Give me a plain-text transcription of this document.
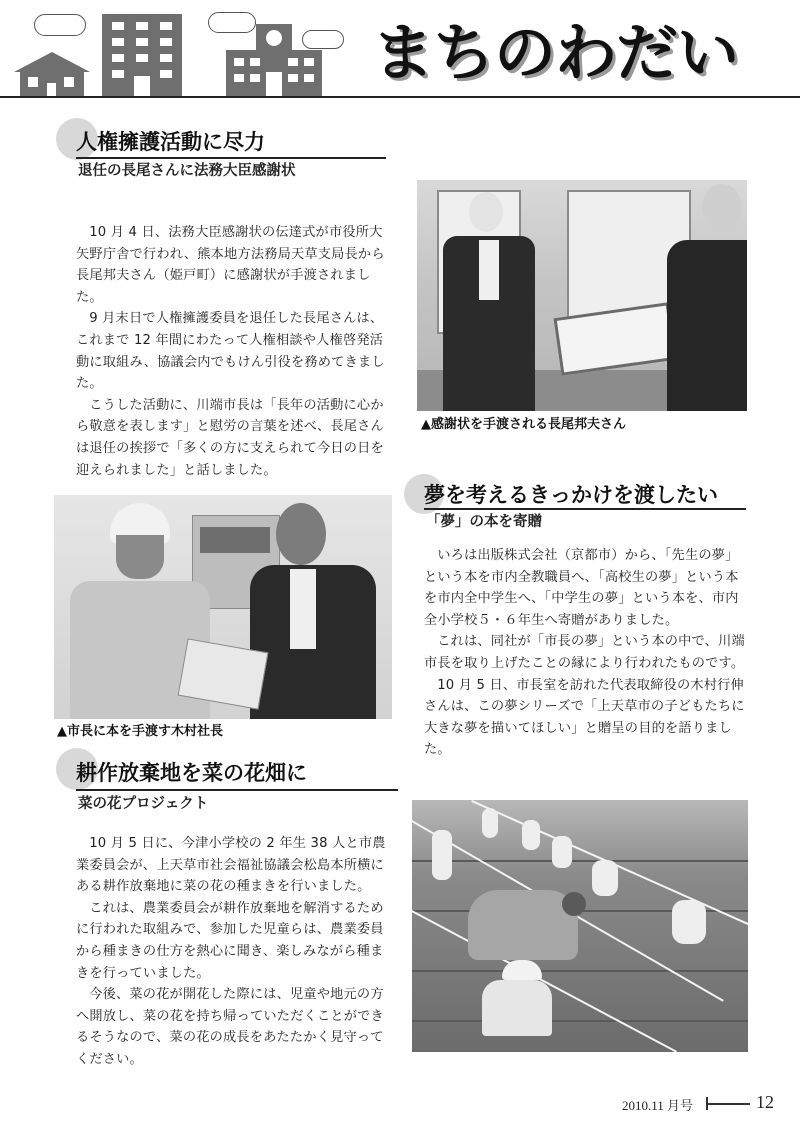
まちのわだい
人権擁護活動に尽力
退任の長尾さんに法務大臣感謝状

10 月 4 日、法務大臣感謝状の伝達式が市役所大矢野庁舎で行われ、熊本地方法務局天草支局長から長尾邦夫さん（姫戸町）に感謝状が手渡されました。

9 月末日で人権擁護委員を退任した長尾さんは、これまで 12 年間にわたって人権相談や人権啓発活動に取組み、協議会内でもけん引役を務めてきました。

こうした活動に、川端市長は「長年の活動に心から敬意を表します」と慰労の言葉を述べ、長尾さんは退任の挨拶で「多くの方に支えられて今日の日を迎えられました」と話しました。

▲感謝状を手渡される長尾邦夫さん
夢を考えるきっかけを渡したい
「夢」の本を寄贈

いろは出版株式会社（京都市）から、「先生の夢」という本を市内全教職員へ、「高校生の夢」という本を市内全中学生へ、「中学生の夢」という本を、市内全小学校５・６年生へ寄贈がありました。

これは、同社が「市長の夢」という本の中で、川端市長を取り上げたことの縁により行われたものです。

10 月 5 日、市長室を訪れた代表取締役の木村行伸さんは、この夢シリーズで「上天草市の子どもたちに大きな夢を描いてほしい」と贈呈の目的を語りました。

▲市長に本を手渡す木村社長
耕作放棄地を菜の花畑に
菜の花プロジェクト

10 月 5 日に、今津小学校の 2 年生 38 人と市農業委員会が、上天草市社会福祉協議会松島本所横にある耕作放棄地に菜の花の種まきを行いました。

これは、農業委員会が耕作放棄地を解消するために行われた取組みで、参加した児童らは、農業委員から種まきの仕方を熱心に聞き、楽しみながら種まきを行っていました。

今後、菜の花が開花した際には、児童や地元の方へ開放し、菜の花を持ち帰っていただくことができるそうなので、菜の花の成長をあたたかく見守ってください。

2010.11 月号	12
